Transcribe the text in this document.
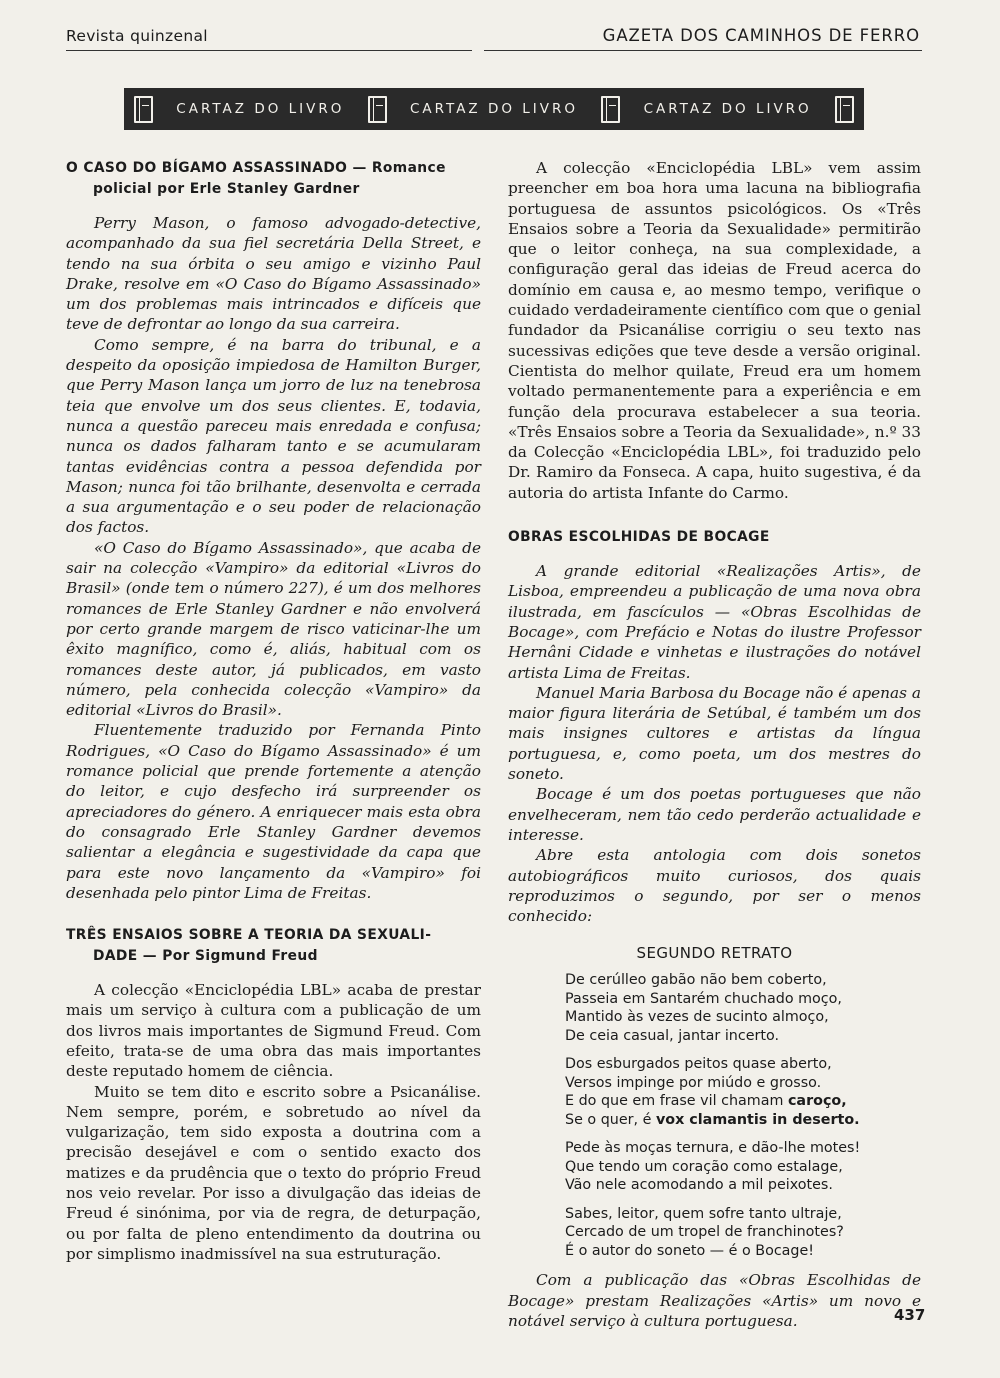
Revista quinzenal	GAZETA DOS CAMINHOS DE FERRO
CARTAZ DO LIVRO	CARTAZ DO LIVRO	CARTAZ DO LIVRO
O CASO DO BÍGAMO ASSASSINADO — Romance
policial por Erle Stanley Gardner

Perry Mason, o famoso advogado-detective, acompanhado da sua fiel secretária Della Street, e tendo na sua órbita o seu amigo e vizinho Paul Drake, resolve em «O Caso do Bígamo Assassinado» um dos problemas mais intrincados e difíceis que teve de defrontar ao longo da sua carreira.

Como sempre, é na barra do tribunal, e a despeito da oposição impiedosa de Hamilton Burger, que Perry Mason lança um jorro de luz na tenebrosa teia que envolve um dos seus clientes. E, todavia, nunca a questão pareceu mais enredada e confusa; nunca os dados falharam tanto e se acumularam tantas evidências contra a pessoa defendida por Mason; nunca foi tão brilhante, desenvolta e cerrada a sua argumentação e o seu poder de relacionação dos factos.

«O Caso do Bígamo Assassinado», que acaba de sair na colecção «Vampiro» da editorial «Livros do Brasil» (onde tem o número 227), é um dos melhores romances de Erle Stanley Gardner e não envolverá por certo grande margem de risco vaticinar-lhe um êxito magnífico, como é, aliás, habitual com os romances deste autor, já publicados, em vasto número, pela conhecida colecção «Vampiro» da editorial «Livros do Brasil».

Fluentemente traduzido por Fernanda Pinto Rodrigues, «O Caso do Bígamo Assassinado» é um romance policial que prende fortemente a atenção do leitor, e cujo desfecho irá surpreender os apreciadores do género. A enriquecer mais esta obra do consagrado Erle Stanley Gardner devemos salientar a elegância e sugestividade da capa que para este novo lançamento da «Vampiro» foi desenhada pelo pintor Lima de Freitas.

TRÊS ENSAIOS SOBRE A TEORIA DA SEXUALI-
DADE — Por Sigmund Freud

A colecção «Enciclopédia LBL» acaba de prestar mais um serviço à cultura com a publicação de um dos livros mais importantes de Sigmund Freud. Com efeito, trata-se de uma obra das mais importantes deste reputado homem de ciência.

Muito se tem dito e escrito sobre a Psicanálise. Nem sempre, porém, e sobretudo ao nível da vulgarização, tem sido exposta a doutrina com a precisão desejável e com o sentido exacto dos matizes e da prudência que o texto do próprio Freud nos veio revelar. Por isso a divulgação das ideias de Freud é sinónima, por via de regra, de deturpação, ou por falta de pleno entendimento da doutrina ou por simplismo inadmissível na sua estruturação.

A colecção «Enciclopédia LBL» vem assim preencher em boa hora uma lacuna na bibliografia portuguesa de assuntos psicológicos. Os «Três Ensaios sobre a Teoria da Sexualidade» permitirão que o leitor conheça, na sua complexidade, a configuração geral das ideias de Freud acerca do domínio em causa e, ao mesmo tempo, verifique o cuidado verdadeiramente científico com que o genial fundador da Psicanálise corrigiu o seu texto nas sucessivas edições que teve desde a versão original. Cientista do melhor quilate, Freud era um homem voltado permanentemente para a experiência e em função dela procurava estabelecer a sua teoria. «Três Ensaios sobre a Teoria da Sexualidade», n.º 33 da Colecção «Enciclopédia LBL», foi traduzido pelo Dr. Ramiro da Fonseca. A capa, huito sugestiva, é da autoria do artista Infante do Carmo.

OBRAS ESCOLHIDAS DE BOCAGE

A grande editorial «Realizações Artis», de Lisboa, empreendeu a publicação de uma nova obra ilustrada, em fascículos — «Obras Escolhidas de Bocage», com Prefácio e Notas do ilustre Professor Hernâni Cidade e vinhetas e ilustrações do notável artista Lima de Freitas.

Manuel Maria Barbosa du Bocage não é apenas a maior figura literária de Setúbal, é também um dos mais insignes cultores e artistas da língua portuguesa, e, como poeta, um dos mestres do soneto.

Bocage é um dos poetas portugueses que não envelheceram, nem tão cedo perderão actualidade e interesse.

Abre esta antologia com dois sonetos autobiográficos muito curiosos, dos quais reproduzimos o segundo, por ser o menos conhecido:

SEGUNDO RETRATO
De cerúlleo gabão não bem coberto,
Passeia em Santarém chuchado moço,
Mantido às vezes de sucinto almoço,
De ceia casual, jantar incerto.
Dos esburgados peitos quase aberto,
Versos impinge por miúdo e grosso.
E do que em frase vil chamam caroço,
Se o quer, é vox clamantis in deserto.
Pede às moças ternura, e dão-lhe motes!
Que tendo um coração como estalage,
Vão nele acomodando a mil peixotes.
Sabes, leitor, quem sofre tanto ultraje,
Cercado de um tropel de franchinotes?
É o autor do soneto — é o Bocage!

Com a publicação das «Obras Escolhidas de Bocage» prestam Realizações «Artis» um novo e notável serviço à cultura portuguesa.	437
